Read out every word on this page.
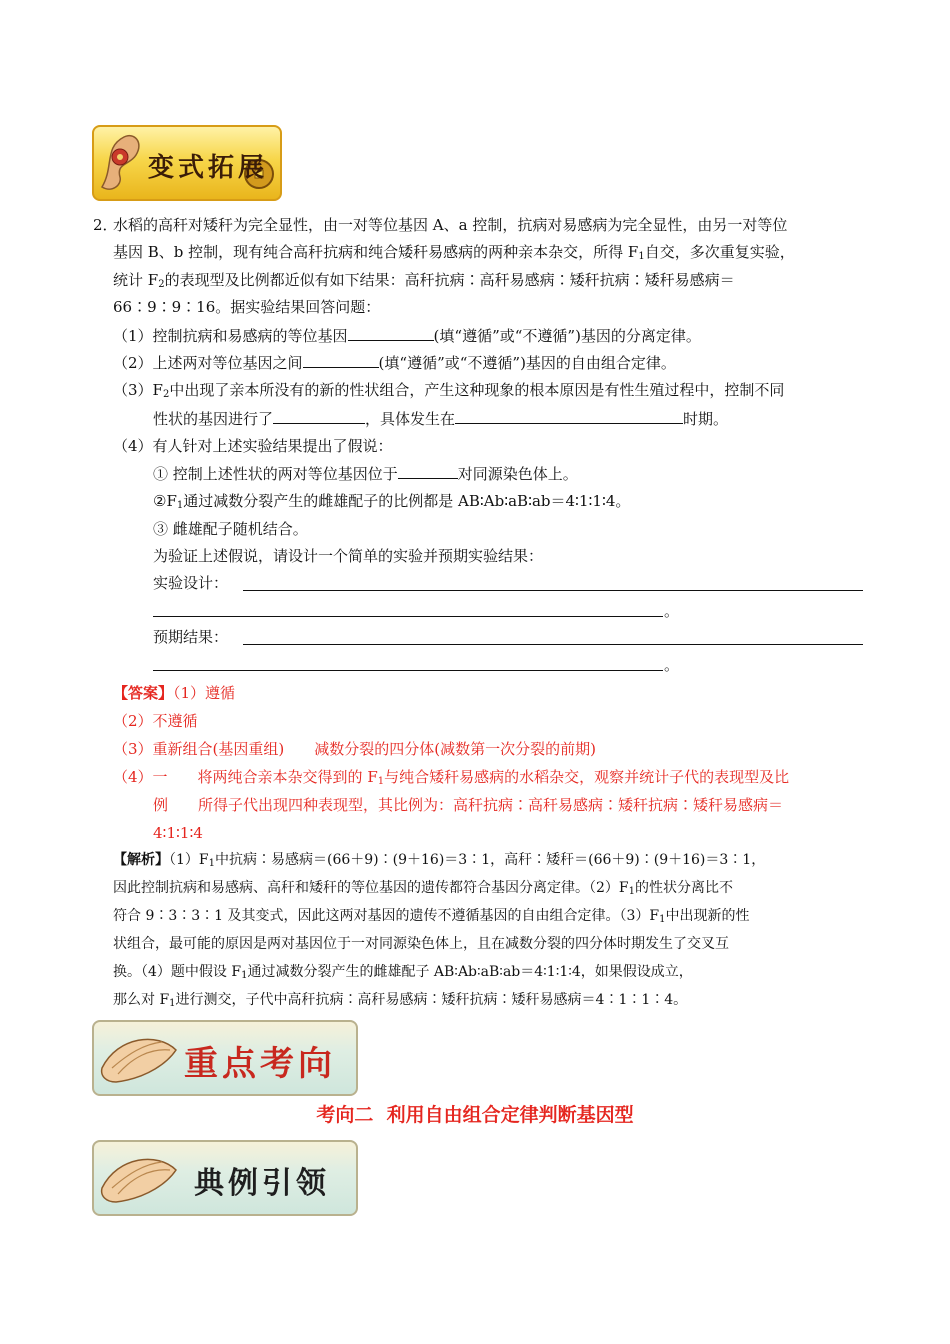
变式拓展
2．
水稻的高秆对矮秆为完全显性，由一对等位基因 A、a 控制，抗病对易感病为完全显性，由另一对等位
基因 B、b 控制，现有纯合高秆抗病和纯合矮秆易感病的两种亲本杂交，所得 $F_1$自交，多次重复实验，
统计 $F_2$的表现型及比例都近似有如下结果：高秆抗病∶高秆易感病∶矮秆抗病∶矮秆易感病＝
66∶9∶9∶16。据实验结果回答问题：
（1）控制抗病和易感病的等位基因	(填“遵循”或“不遵循”)基因的分离定律。
（2）上述两对等位基因之间	(填“遵循”或“不遵循”)基因的自由组合定律。
$(3)F_2$中出现了亲本所没有的新的性状组合，产生这种现象的根本原因是有性生殖过程中，控制不同
性状的基因进行了	，具体发生在	时期。
（4）有人针对上述实验结果提出了假说：
① 控制上述性状的两对等位基因位于	对同源染色体上。
$②F_1$通过减数分裂产生的雌雄配子的比例都是 AB∶Ab∶aB∶ab＝4∶1∶1∶4。
③ 雌雄配子随机结合。
为验证上述假说，请设计一个简单的实验并预期实验结果：
实验设计：
。
预期结果：
。
【答案】（1）遵循
（2）不遵循
（3）重新组合(基因重组)　　减数分裂的四分体(减数第一次分裂的前期)
（4）一　　将两纯合亲本杂交得到的 $F_1$与纯合矮秆易感病的水稻杂交，观察并统计子代的表现型及比
例　　所得子代出现四种表现型，其比例为：高秆抗病∶高秆易感病∶矮秆抗病∶矮秆易感病＝
4∶1∶1∶4
【解析】$(1)F_1$中抗病∶易感病＝(66＋9)∶(9＋16)＝3∶1，高秆∶矮秆＝(66＋9)∶(9＋16)＝3∶1，
因此控制抗病和易感病、高秆和矮秆的等位基因的遗传都符合基因分离定律。$(2)F_1$的性状分离比不
符合 9∶3∶3∶1 及其变式，因此这两对基因的遗传不遵循基因的自由组合定律。$(3)F_1$中出现新的性
状组合，最可能的原因是两对基因位于一对同源染色体上，且在减数分裂的四分体时期发生了交叉互
换。（4）题中假设 $F_1$通过减数分裂产生的雌雄配子 AB∶Ab∶aB∶ab＝4∶1∶1∶4，如果假设成立，
那么对 $F_1$进行测交，子代中高秆抗病∶高秆易感病∶矮秆抗病∶矮秆易感病＝4∶1∶1∶4。
重点考向
考向二  利用自由组合定律判断基因型
典例引领
